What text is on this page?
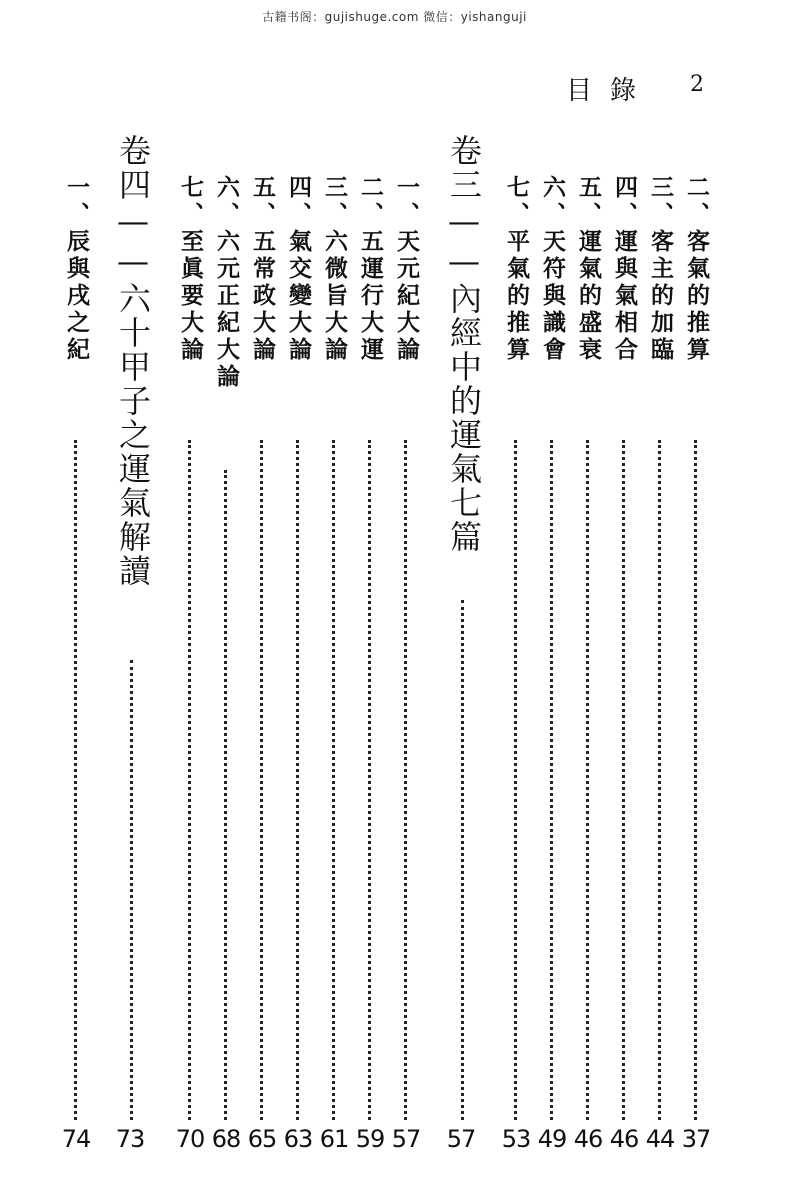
古籍书阁：gujishuge.com 微信：yishanguji
目錄 2
二、客氣的推算
37
三、客主的加臨
44
四、運與氣相合
46
五、運氣的盛衰
46
六、天符與識會
49
七、平氣的推算
53
卷三——內經中的運氣七篇
57
一、天元紀大論
57
二、五運行大運
59
三、六微旨大論
61
四、氣交變大論
63
五、五常政大論
65
六、六元正紀大論
68
七、至眞要大論
70
卷四——六十甲子之運氣解讀
73
一、辰與戌之紀
74
